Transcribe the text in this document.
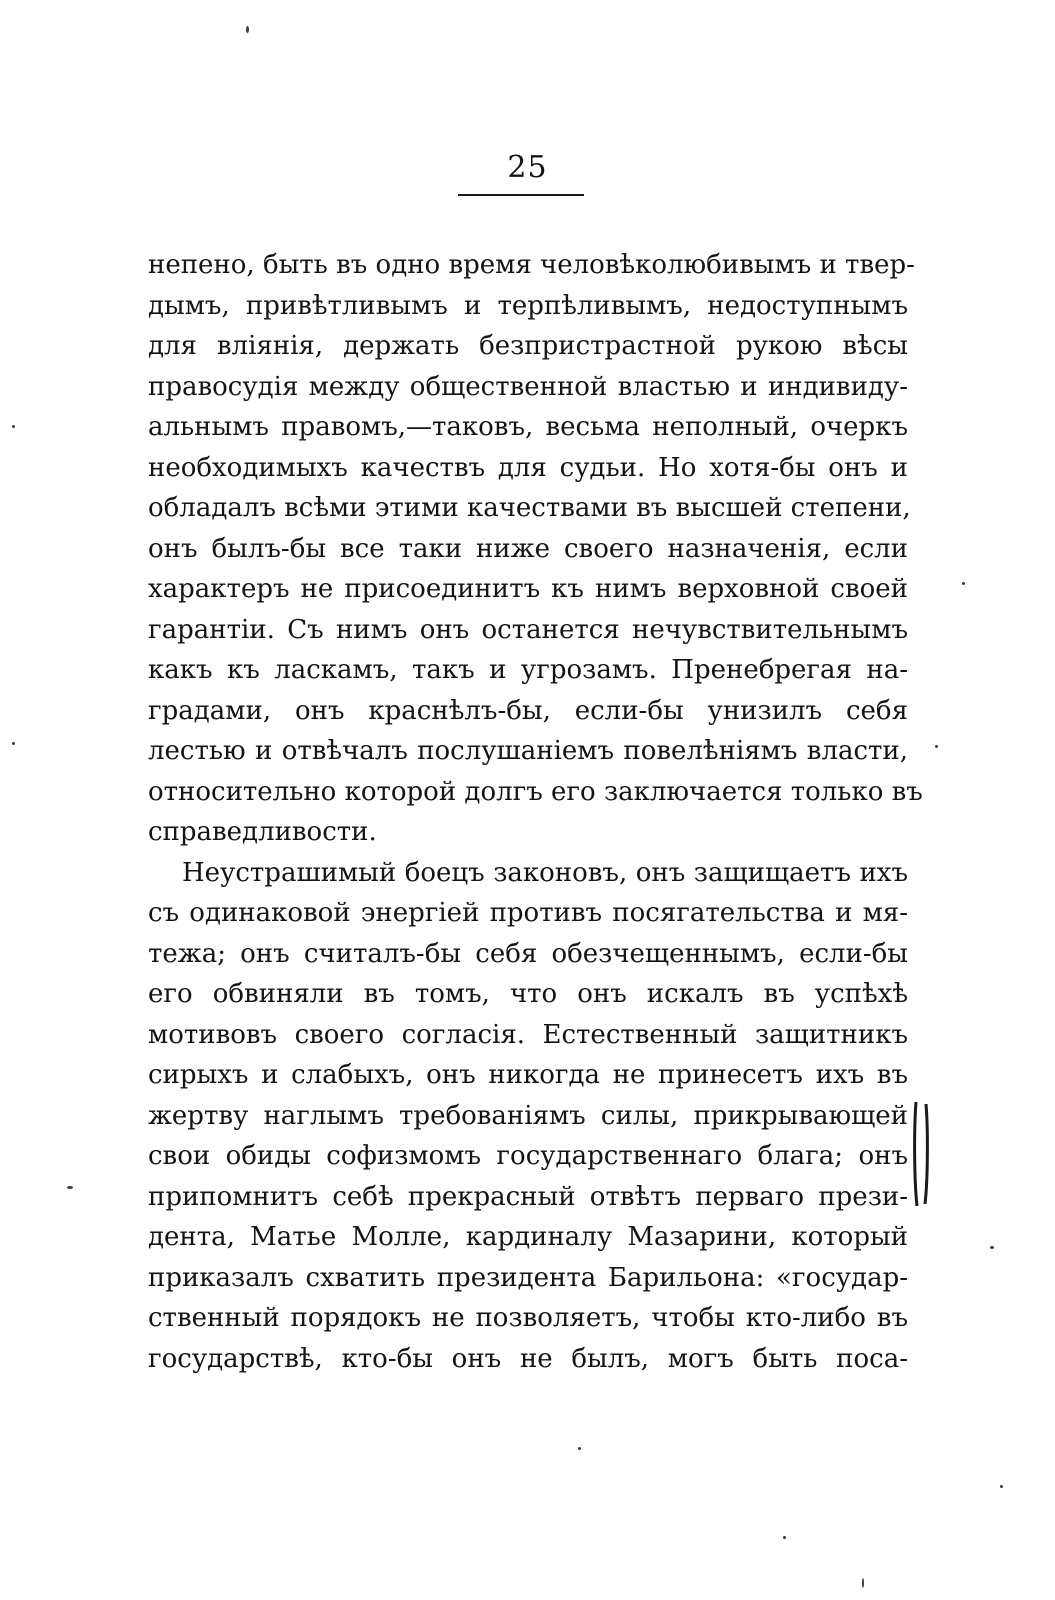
25
непено, быть въ одно время человѣколюбивымъ и твер-
дымъ, привѣтливымъ и терпѣливымъ, недоступнымъ
для вліянія, держать безпристрастной рукою вѣсы
правосудія между общественной властью и индивиду-
альнымъ правомъ,—таковъ, весьма неполный, очеркъ
необходимыхъ качествъ для судьи. Но хотя-бы онъ и
обладалъ всѣми этими качествами въ высшей степени,
онъ былъ-бы все таки ниже своего назначенія, если
характеръ не присоединитъ къ нимъ верховной своей
гарантіи. Съ нимъ онъ останется нечувствительнымъ
какъ къ ласкамъ, такъ и угрозамъ. Пренебрегая на-
градами, онъ краснѣлъ-бы, если-бы унизилъ себя
лестью и отвѣчалъ послушаніемъ повелѣніямъ власти,
относительно которой долгъ его заключается только въ
справедливости.
Неустрашимый боецъ законовъ, онъ защищаетъ ихъ
съ одинаковой энергіей противъ посягательства и мя-
тежа; онъ считалъ-бы себя обезчещеннымъ, если-бы
его обвиняли въ томъ, что онъ искалъ въ успѣхѣ
мотивовъ своего согласія. Естественный защитникъ
сирыхъ и слабыхъ, онъ никогда не принесетъ ихъ въ
жертву наглымъ требованіямъ силы, прикрывающей
свои обиды софизмомъ государственнаго блага; онъ
припомнитъ себѣ прекрасный отвѣтъ перваго прези-
дента, Матье Молле, кардиналу Мазарини, который
приказалъ схватить президента Барильона: «государ-
ственный порядокъ не позволяетъ, чтобы кто-либо въ
государствѣ, кто-бы онъ не былъ, могъ быть поса-
